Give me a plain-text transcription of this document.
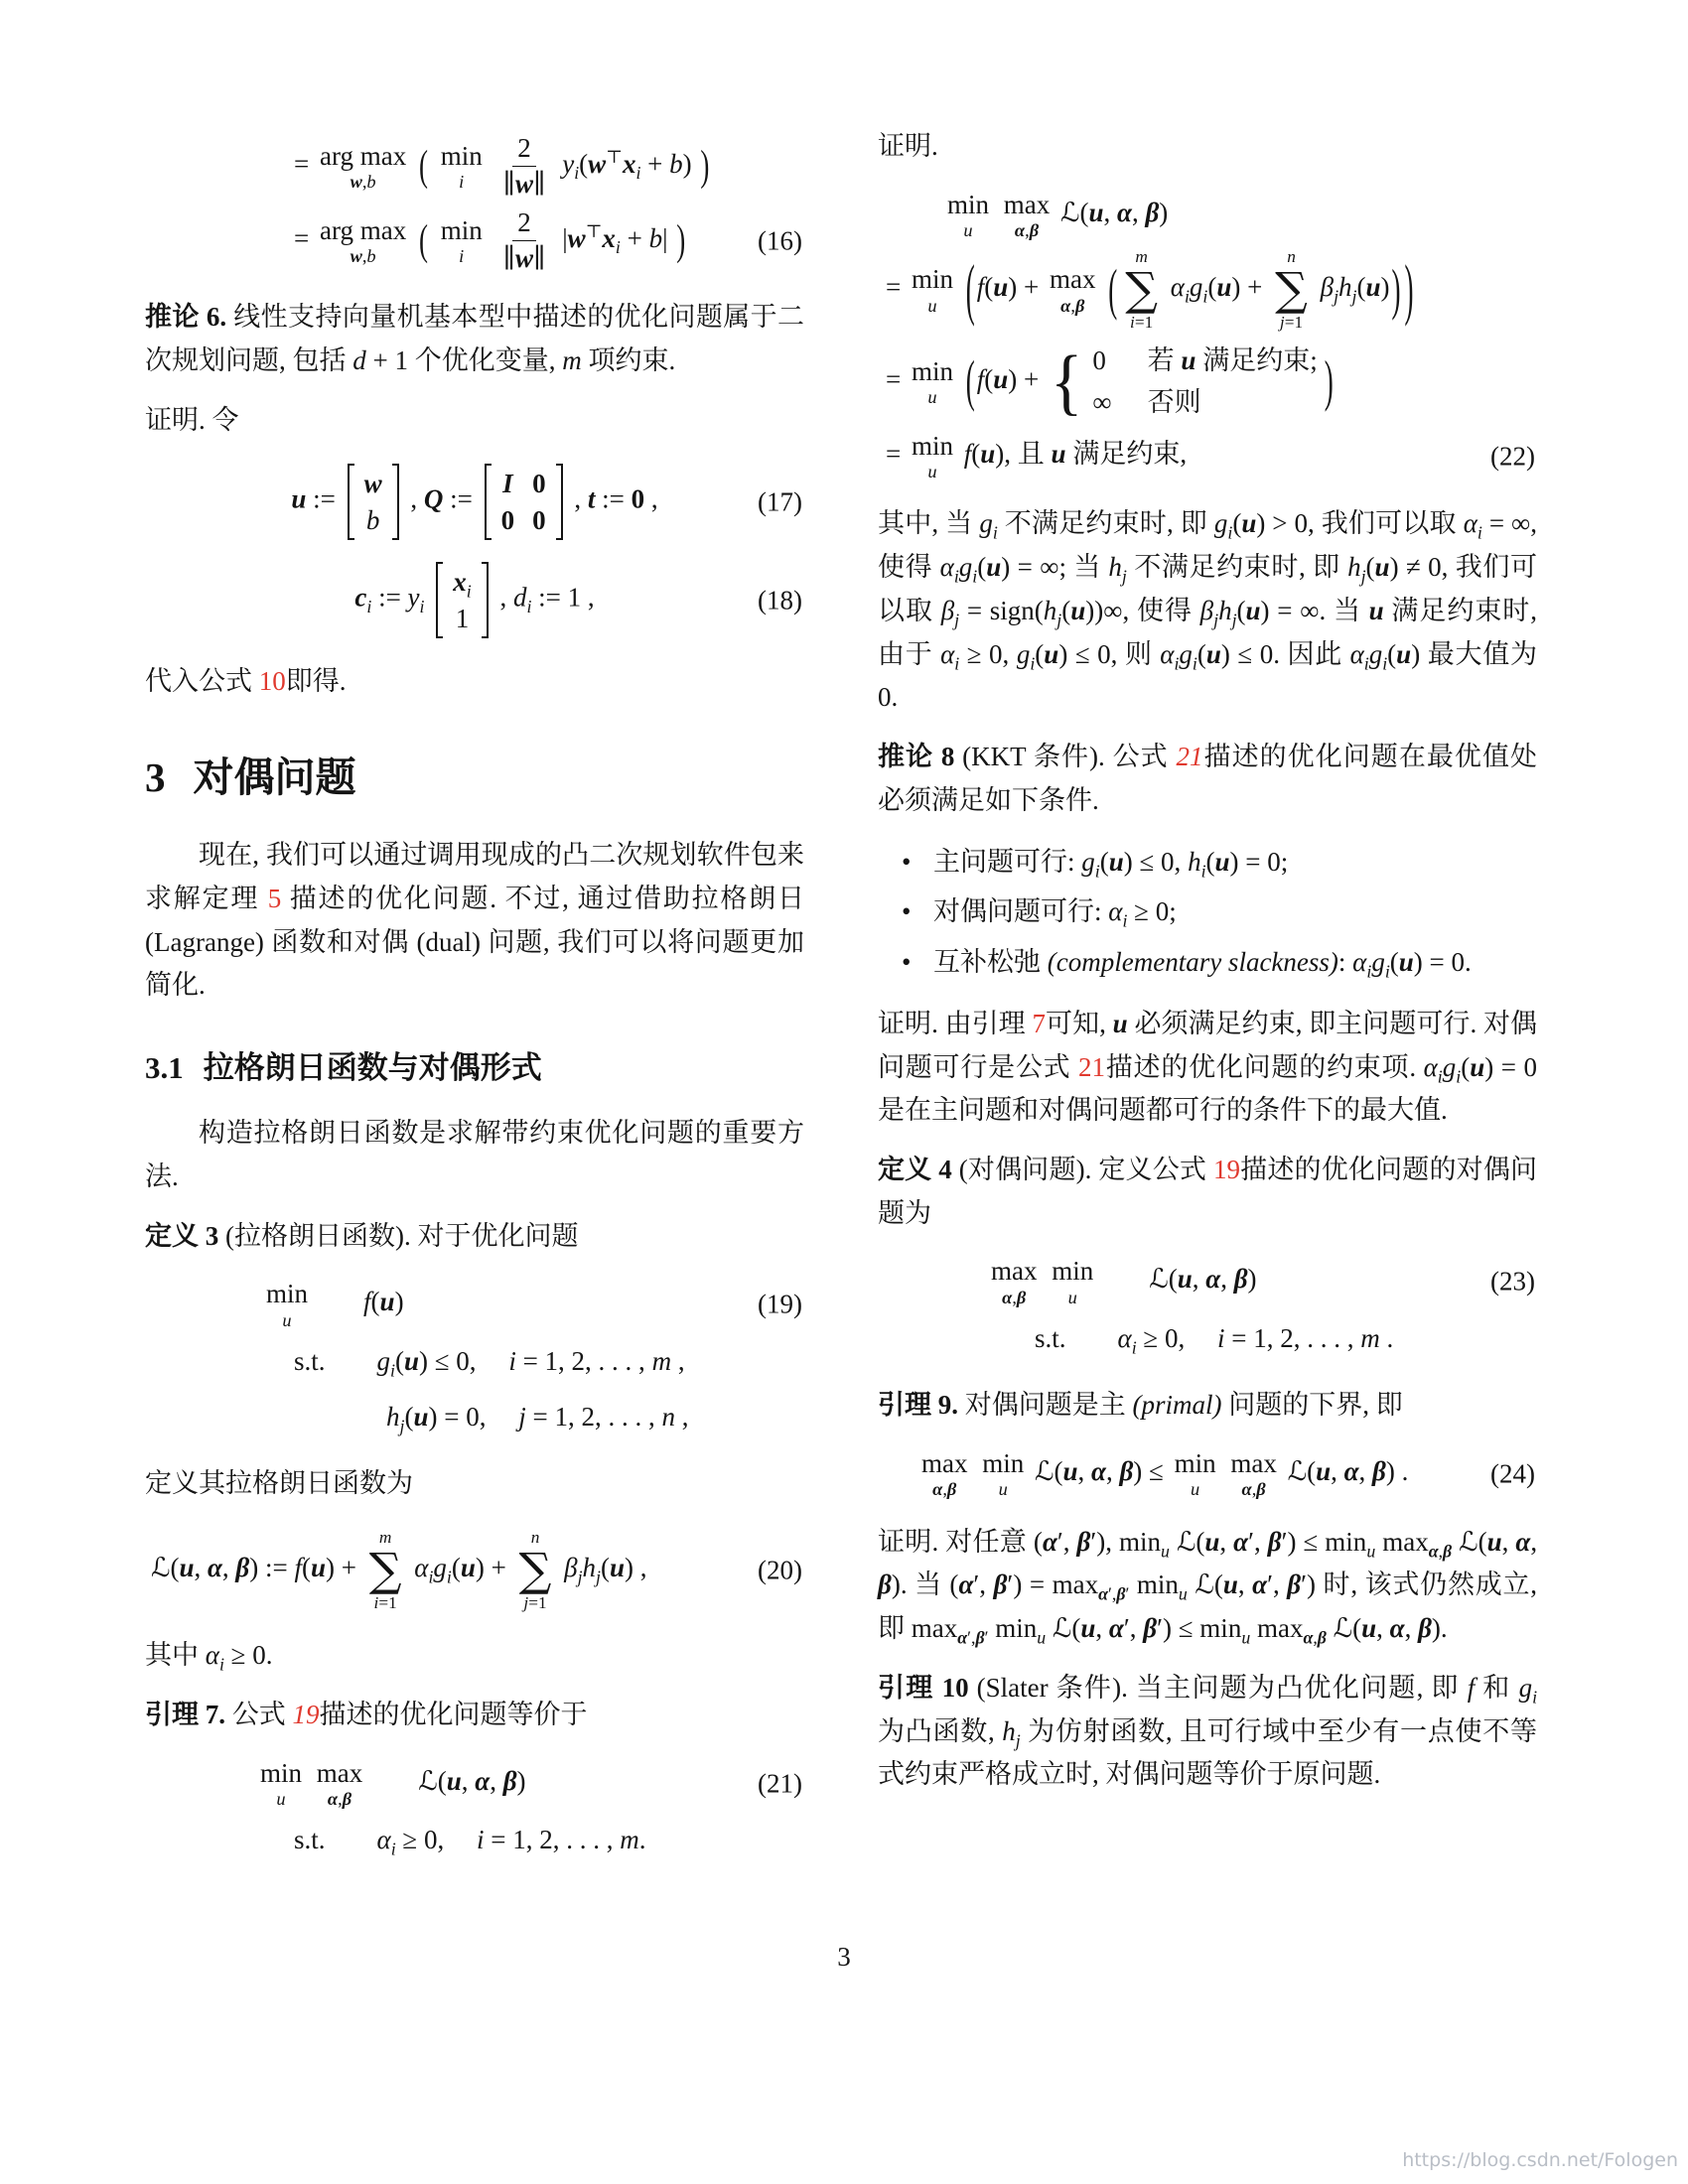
= arg max
w,b ( min
i
$\frac{2}{\parallel w\parallel} y_i(w^⊤x_i + b)$ )
= arg max
w,b ( min
i
$\frac{2}{\parallel w\parallel} |w^⊤x_i + b|$ )	(16)

推论 6. 线性支持向量机基本型中描述的优化问题属于二次规划问题, 包括 d + 1 个优化变量, m 项约束.

证明. 令

u :=
w
b
, Q :=
I 0
0 0
, t := 0 ,	(17)
$c_i$ := $y_i$
$x_i$
1
, $d_i$ := 1 ,	(18)

代入公式 10即得.

3 对偶问题

现在, 我们可以通过调用现成的凸二次规划软件包来求解定理 5 描述的优化问题. 不过, 通过借助拉格朗日 (Lagrange) 函数和对偶 (dual) 问题, 我们可以将问题更加简化.

3.1 拉格朗日函数与对偶形式

构造拉格朗日函数是求解带约束优化问题的重要方法.

定义 3 (拉格朗日函数). 对于优化问题

min
u
f(u)	(19)
s.t. $g_i(u) \le 0$, i = 1, 2, . . . , m ,
$h_j(u) = 0$, j = 1, 2, . . . , n ,

定义其拉格朗日函数为

ℒ(u, α, β) := f(u) +
m
∑
i=1
$\alpha_ig_i(u)$ +
n
∑
j=1
$\beta_jh_j(u)$ ,	(20)

其中 $\alpha_i \ge 0$.

引理 7. 公式 19描述的优化问题等价于

min
u

max
α,β
ℒ(u, α, β)	(21)
s.t. $\alpha_i \ge 0$, i = 1, 2, . . . , m.

证明.

min
u

max
α,β
ℒ(u, α, β)
= min
u (f(u) + max
α,β (
m
∑
i=1
$\alpha_ig_i(u)$ +
n
∑
j=1
$\beta_jh_j(u)$) )
= min
u (f(u) + { 0 若 u 满足约束;
∞ 否则	)
= min
u
f(u), 且 u 满足约束,	(22)

其中, 当 $g_i$ 不满足约束时, 即 $g_i(u) > 0$, 我们可以取 $\alpha_i$ = ∞, 使得 $\alpha_ig_i(u)$ = ∞; 当 $h_j$ 不满足约束时, 即 $h_j(u) \ne 0$, 我们可以取 $\beta_j$ = $sign(h_j(u))\infty$, 使得 $\beta_jh_j(u)$ = ∞. 当 u 满足约束时, 由于 $\alpha_i \ge 0$, $g_i(u) \le 0$, 则 $\alpha_ig_i(u) \le 0$. 因此 $\alpha_ig_i(u)$ 最大值为 0.

推论 8 (KKT 条件). 公式 21描述的优化问题在最优值处必须满足如下条件.

• 主问题可行: $g_i(u) \le 0$, $h_i(u) = 0$;
• 对偶问题可行: $\alpha_i \ge 0$;
• 互补松弛 (complementary slackness): $\alpha_ig_i(u) = 0$.

证明. 由引理 7可知, u 必须满足约束, 即主问题可行. 对偶问题可行是公式 21描述的优化问题的约束项. $\alpha_ig_i(u) = 0$ 是在主问题和对偶问题都可行的条件下的最大值.

定义 4 (对偶问题). 定义公式 19描述的优化问题的对偶问题为

max
α,β

min
u
ℒ(u, α, β)	(23)
s.t. $\alpha_i \ge 0$, i = 1, 2, . . . , m .

引理 9. 对偶问题是主 (primal) 问题的下界, 即

max
α,β

min
u
ℒ(u, α, β) ≤ min
u

max
α,β
ℒ(u, α, β) .	(24)

证明. 对任意 (α′, β′), $\min_u$ ℒ(u, α′, $\beta') \le \min_u \max_{\alpha,\beta}$ ℒ(u, α, β). 当 (α′, $\beta') = \max_{\alpha',\beta'} \min_u$ ℒ(u, α′, β′) 时, 该式仍然成立, 即 $\max_{\alpha',\beta'} \min_u$ ℒ(u, α′, $\beta') \le \min_u \max_{\alpha,\beta}$ ℒ(u, α, β).

引理 10 (Slater 条件). 当主问题为凸优化问题, 即 f 和 $g_i$ 为凸函数, $h_j$ 为仿射函数, 且可行域中至少有一点使不等式约束严格成立时, 对偶问题等价于原问题.

3
https://blog.csdn.net/Fologen
